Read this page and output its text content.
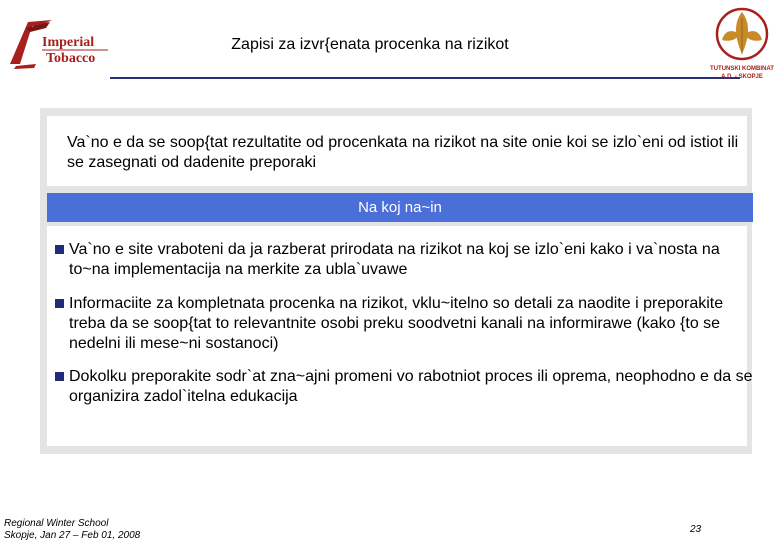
Imperial
Tobacco
Zapisi za izvr{enata procenka na rizikot
TUTUNSKI KOMBINAT
A.D. - SKOPJE
Va`no e da se soop{tat rezultatite od procenkata na rizikot na site onie koi se izlo`eni od istiot ili se zasegnati od dadenite preporaki
Na koj na~in
Va`no e site vraboteni da ja razberat prirodata na rizikot na koj se izlo`eni kako i va`nosta na to~na implementacija na merkite za ubla`uvawe
Informaciite za kompletnata procenka na rizikot, vklu~itelno so detali za naodite i preporakite treba da se soop{tat to relevantnite osobi preku soodvetni kanali na informirawe (kako {to se nedelni ili mese~ni sostanoci)
Dokolku preporakite sodr`at zna~ajni promeni vo rabotniot proces ili oprema, neophodno e da se organizira zadol`itelna edukacija
Regional Winter School
Skopje, Jan 27 – Feb 01, 2008
23
